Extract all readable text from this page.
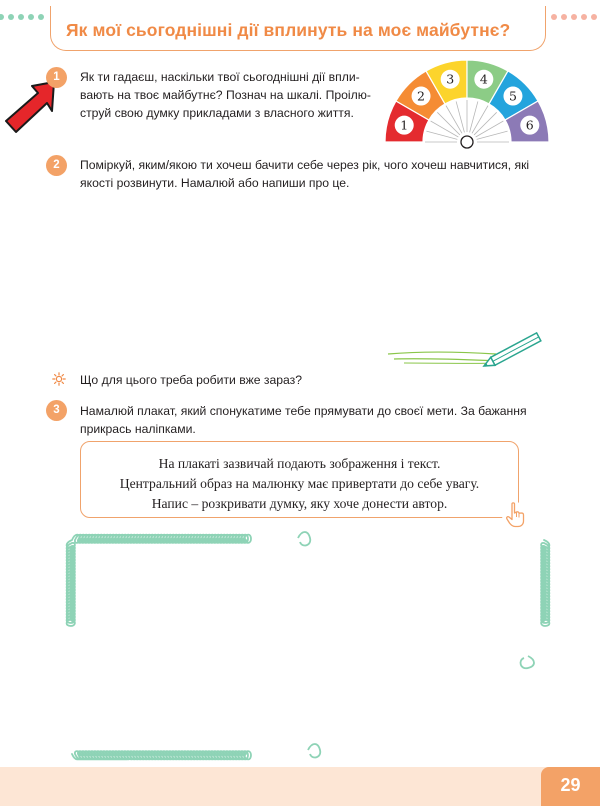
Як мої сьогоднішні дії вплинуть на моє майбутнє?
1	Як ти гадаєш, наскільки твої сьогоднішні дії впли-
вають на твоє майбутнє? Познач на шкалі. Проілю-
струй свою думку прикладами з власного життя.
1
2
3 4
5
6
2	Поміркуй, яким/якою ти хочеш бачити себе через рік, чого хочеш навчитися, які
якості розвинути. Намалюй або напиши про це.
Що для цього треба робити вже зараз?
3	Намалюй плакат, який спонукатиме тебе прямувати до своєї мети. За бажання
прикрась наліпками.
На плакаті зазвичай подають зображення і текст.
Центральний образ на малюнку має привертати до себе увагу.
Напис – розкривати думку, яку хоче донести автор.
29
